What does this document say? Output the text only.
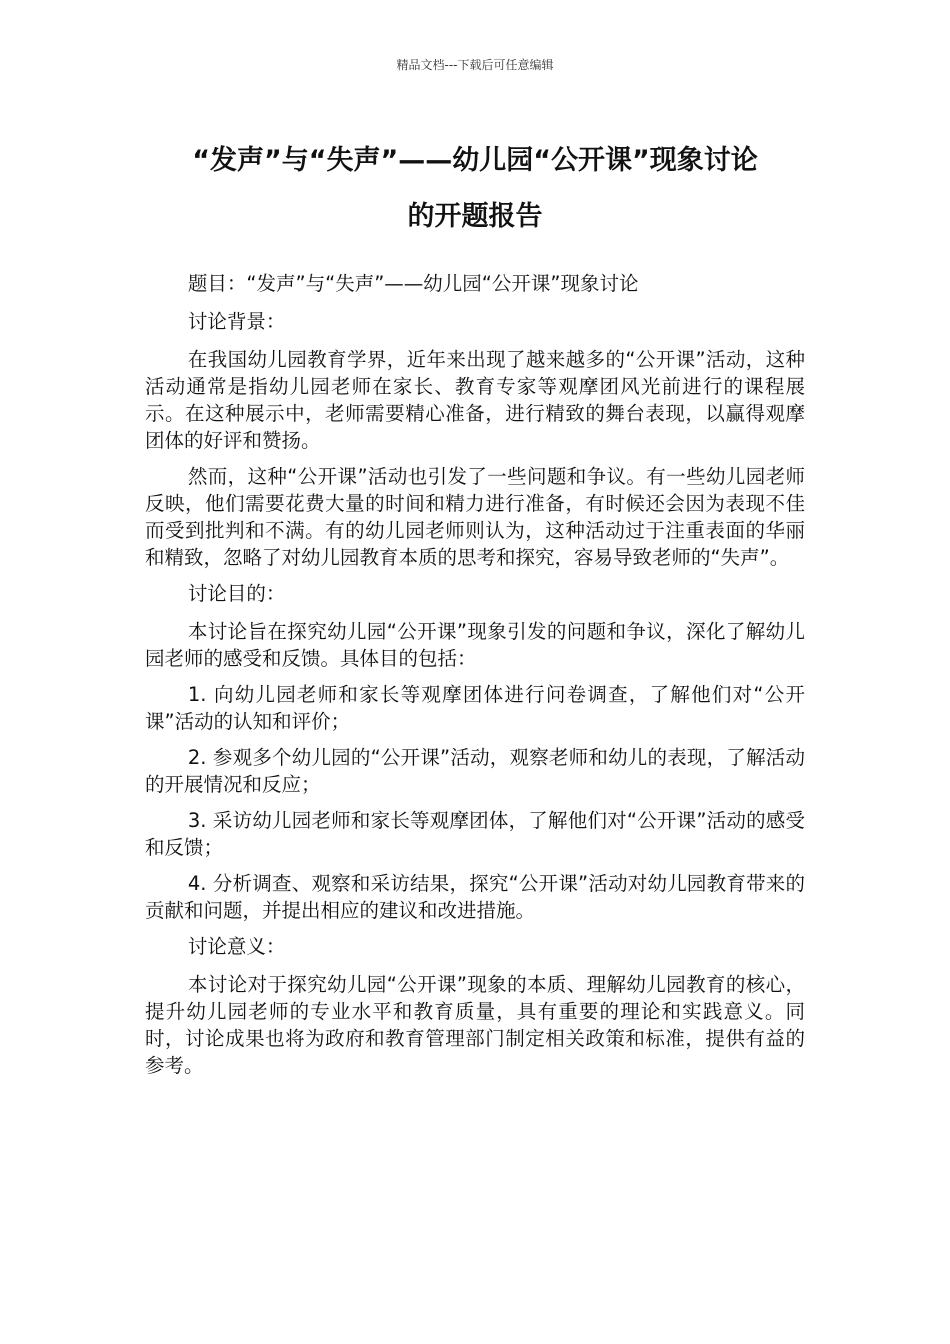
精品文档---下载后可任意编辑
“发声”与“失声”——幼儿园“公开课”现象讨论
的开题报告

题目：“发声”与“失声”——幼儿园“公开课”现象讨论

讨论背景：

在我国幼儿园教育学界，近年来出现了越来越多的“公开课”活动，这种活动通常是指幼儿园老师在家长、教育专家等观摩团风光前进行的课程展示。在这种展示中，老师需要精心准备，进行精致的舞台表现，以赢得观摩团体的好评和赞扬。

然而，这种“公开课”活动也引发了一些问题和争议。有一些幼儿园老师反映，他们需要花费大量的时间和精力进行准备，有时候还会因为表现不佳而受到批判和不满。有的幼儿园老师则认为，这种活动过于注重表面的华丽和精致，忽略了对幼儿园教育本质的思考和探究，容易导致老师的“失声”。

讨论目的：

本讨论旨在探究幼儿园“公开课”现象引发的问题和争议，深化了解幼儿园老师的感受和反馈。具体目的包括：

1. 向幼儿园老师和家长等观摩团体进行问卷调查，了解他们对“公开课”活动的认知和评价；

2. 参观多个幼儿园的“公开课”活动，观察老师和幼儿的表现，了解活动的开展情况和反应；

3. 采访幼儿园老师和家长等观摩团体，了解他们对“公开课”活动的感受和反馈；

4. 分析调查、观察和采访结果，探究“公开课”活动对幼儿园教育带来的贡献和问题，并提出相应的建议和改进措施。

讨论意义：

本讨论对于探究幼儿园“公开课”现象的本质、理解幼儿园教育的核心，提升幼儿园老师的专业水平和教育质量，具有重要的理论和实践意义。同时，讨论成果也将为政府和教育管理部门制定相关政策和标准，提供有益的参考。
